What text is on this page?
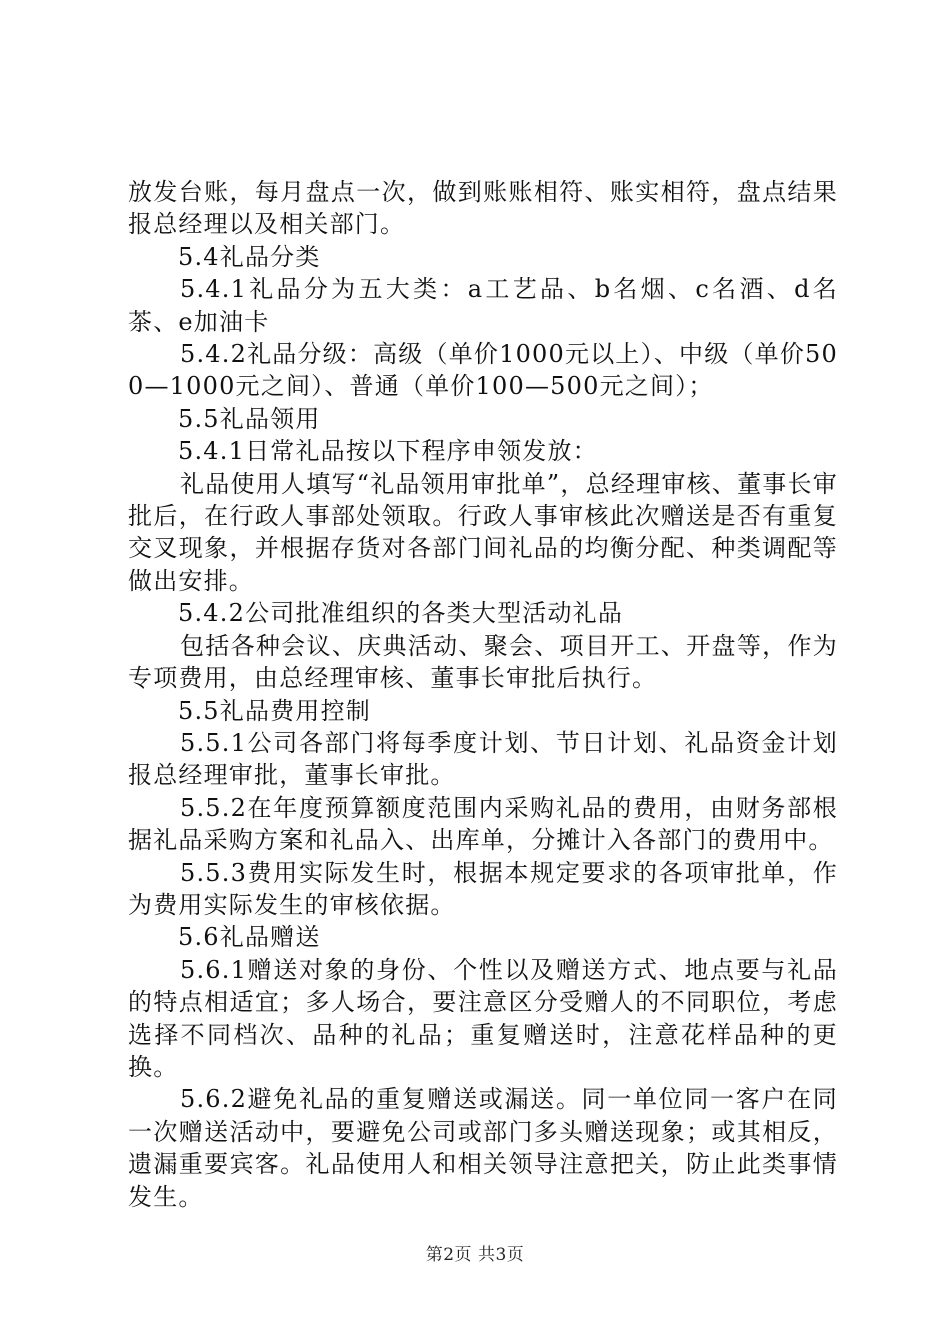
放发台账，每月盘点一次，做到账账相符、账实相符，盘点结果报总经理以及相关部门。

5.4礼品分类

5.4.1礼品分为五大类：a工艺品、b名烟、c名酒、d名茶、e加油卡

5.4.2礼品分级：高级（单价1000元以上）、中级（单价500—1000元之间）、普通（单价100—500元之间）；

5.5礼品领用

5.4.1日常礼品按以下程序申领发放：

礼品使用人填写“礼品领用审批单”，总经理审核、董事长审批后，在行政人事部处领取。行政人事审核此次赠送是否有重复交叉现象，并根据存货对各部门间礼品的均衡分配、种类调配等做出安排。

5.4.2公司批准组织的各类大型活动礼品

包括各种会议、庆典活动、聚会、项目开工、开盘等，作为专项费用，由总经理审核、董事长审批后执行。

5.5礼品费用控制

5.5.1公司各部门将每季度计划、节日计划、礼品资金计划报总经理审批，董事长审批。

5.5.2在年度预算额度范围内采购礼品的费用，由财务部根据礼品采购方案和礼品入、出库单，分摊计入各部门的费用中。

5.5.3费用实际发生时，根据本规定要求的各项审批单，作为费用实际发生的审核依据。

5.6礼品赠送

5.6.1赠送对象的身份、个性以及赠送方式、地点要与礼品的特点相适宜；多人场合，要注意区分受赠人的不同职位，考虑选择不同档次、品种的礼品；重复赠送时，注意花样品种的更换。

5.6.2避免礼品的重复赠送或漏送。同一单位同一客户在同一次赠送活动中，要避免公司或部门多头赠送现象；或其相反，遗漏重要宾客。礼品使用人和相关领导注意把关，防止此类事情发生。

第2页 共3页
